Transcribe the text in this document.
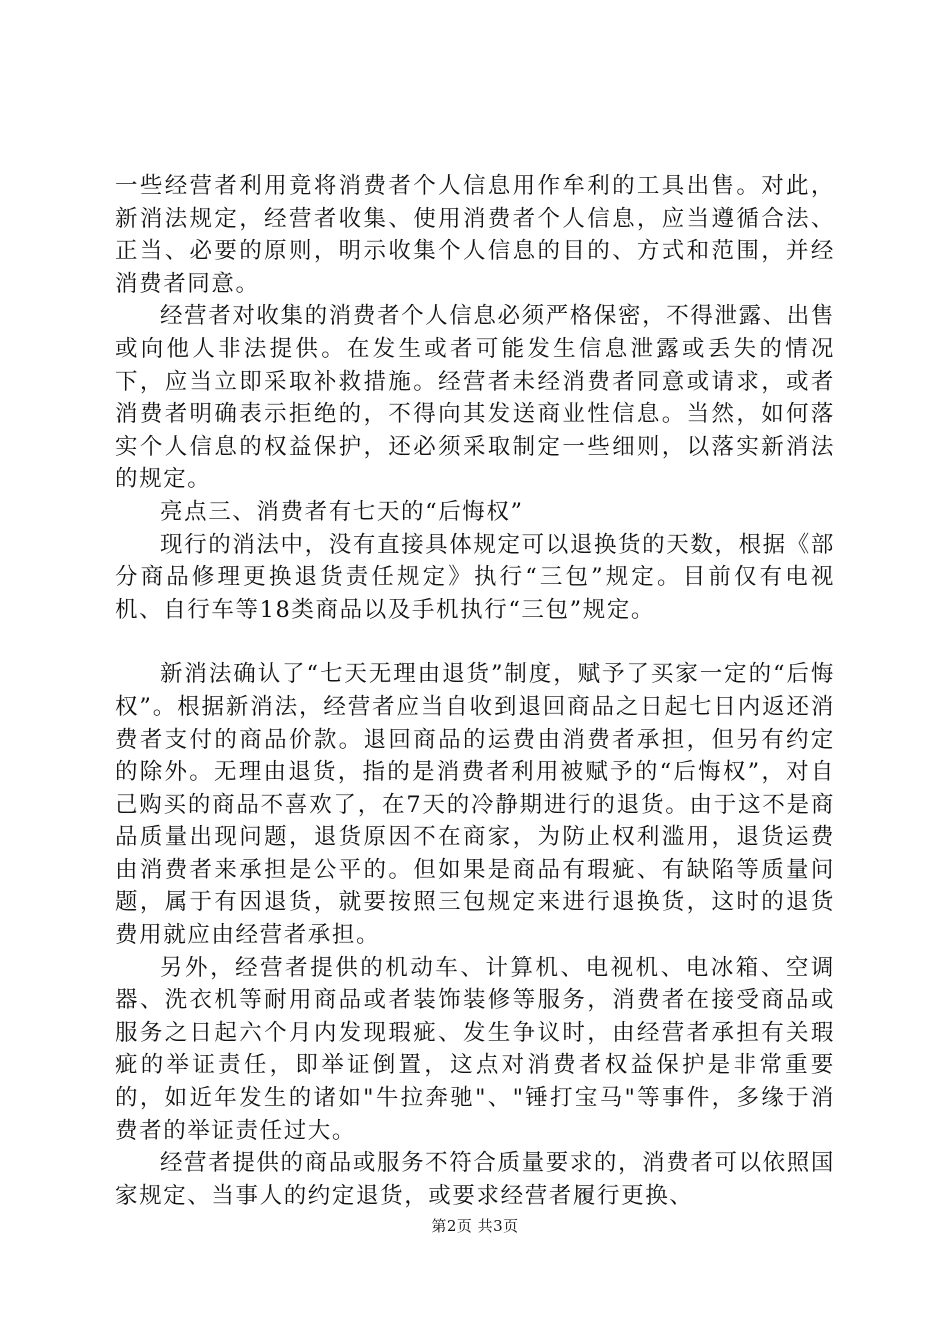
一些经营者利用竟将消费者个人信息用作牟利的工具出售。对此，新消法规定，经营者收集、使用消费者个人信息，应当遵循合法、正当、必要的原则，明示收集个人信息的目的、方式和范围，并经消费者同意。

经营者对收集的消费者个人信息必须严格保密，不得泄露、出售或向他人非法提供。在发生或者可能发生信息泄露或丢失的情况下，应当立即采取补救措施。经营者未经消费者同意或请求，或者消费者明确表示拒绝的，不得向其发送商业性信息。当然，如何落实个人信息的权益保护，还必须采取制定一些细则，以落实新消法的规定。

亮点三、消费者有七天的“后悔权”

现行的消法中，没有直接具体规定可以退换货的天数，根据《部分商品修理更换退货责任规定》执行“三包”规定。目前仅有电视机、自行车等18类商品以及手机执行“三包”规定。

新消法确认了“七天无理由退货”制度，赋予了买家一定的“后悔权”。根据新消法，经营者应当自收到退回商品之日起七日内返还消费者支付的商品价款。退回商品的运费由消费者承担，但另有约定的除外。无理由退货，指的是消费者利用被赋予的“后悔权”，对自己购买的商品不喜欢了，在7天的冷静期进行的退货。由于这不是商品质量出现问题，退货原因不在商家，为防止权利滥用，退货运费由消费者来承担是公平的。但如果是商品有瑕疵、有缺陷等质量问题，属于有因退货，就要按照三包规定来进行退换货，这时的退货费用就应由经营者承担。

另外，经营者提供的机动车、计算机、电视机、电冰箱、空调器、洗衣机等耐用商品或者装饰装修等服务，消费者在接受商品或服务之日起六个月内发现瑕疵、发生争议时，由经营者承担有关瑕疵的举证责任，即举证倒置，这点对消费者权益保护是非常重要的，如近年发生的诸如"牛拉奔驰"、"锤打宝马"等事件，多缘于消费者的举证责任过大。

经营者提供的商品或服务不符合质量要求的，消费者可以依照国家规定、当事人的约定退货，或要求经营者履行更换、

第2页 共3页
